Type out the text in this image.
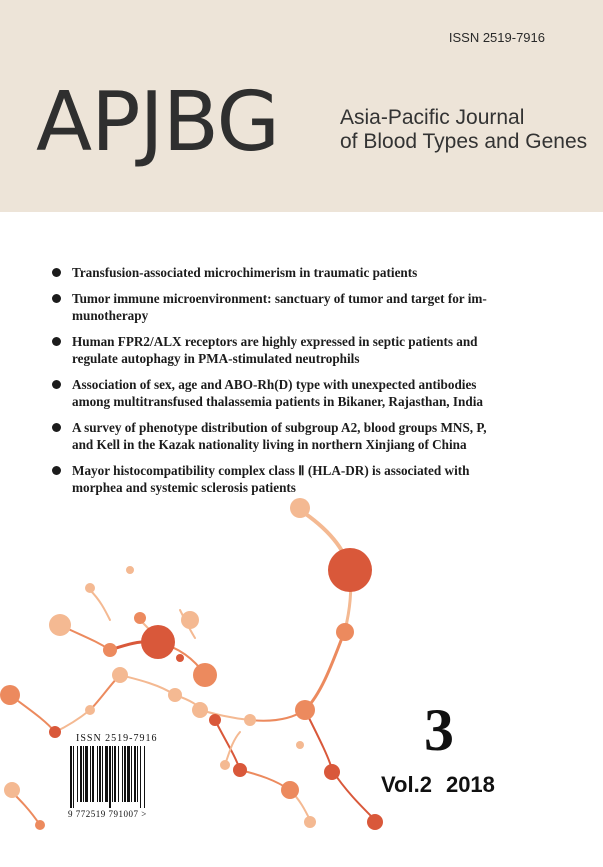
ISSN 2519-7916
APJBG	Asia-Pacific Journal
of Blood Types and Genes
Transfusion-associated microchimerism in traumatic patients
Tumor immune microenvironment: sanctuary of tumor and target for im-
munotherapy
Human FPR2/ALX receptors are highly expressed in septic patients and
regulate autophagy in PMA-stimulated neutrophils
Association of sex, age and ABO-Rh(D) type with unexpected antibodies
among multitransfused thalassemia patients in Bikaner, Rajasthan, India
A survey of phenotype distribution of subgroup A2, blood groups MNS, P,
and Kell in the Kazak nationality living in northern Xinjiang of China
Mayor histocompatibility complex class Ⅱ (HLA-DR) is associated with
morphea and systemic sclerosis patients
ISSN 2519-7916
9 772519 791007 >
3
Vol.2 2018
